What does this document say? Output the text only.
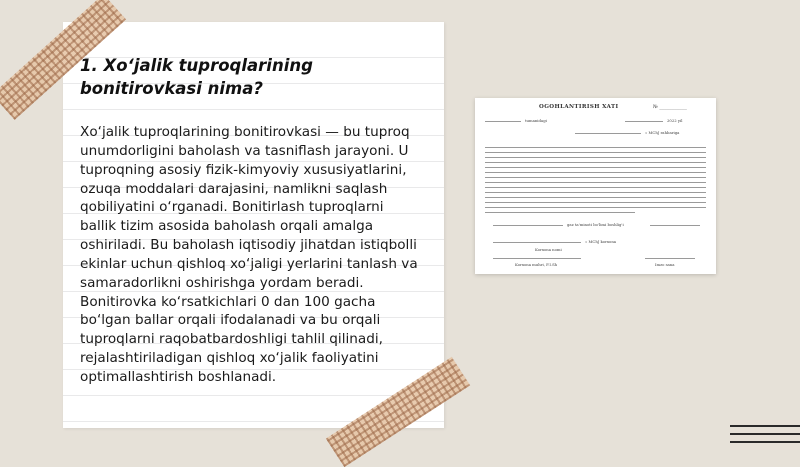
1. Xo‘jalik tuproqlarining bonitirovkasi nima?

Xo‘jalik tuproqlarining bonitirovkasi — bu tuproq unumdorligini baholash va tasniflash jarayoni. U tuproqning asosiy fizik-kimyoviy xususiyatlarini, ozuqa moddalari darajasini, namlikni saqlash qobiliyatini o‘rganadi. Bonitirlash tuproqlarni ballik tizim asosida baholash orqali amalga oshiriladi. Bu baholash iqtisodiy jihatdan istiqbolli ekinlar uchun qishloq xo‘jaligi yerlarini tanlash va samaradorlikni oshirishga yordam beradi. Bonitirovka ko‘rsatkichlari 0 dan 100 gacha bo‘lgan ballar orqali ifodalanadi va bu orqali tuproqlarni raqobatbardoshligi tahlil qilinadi, rejalashtiriladigan qishloq xo‘jalik faoliyatini optimallashtirish boshlanadi.

OGOHLANTIRISH XATI	№ ___________
tumanidagi	2022 yil
« MChJ rahbariga
gaz ta'minoti bo'limi boshlig'i
« MChJ korxona
Korxona nomi
Korxona muhri, F.I.Sh	Imzo sana
